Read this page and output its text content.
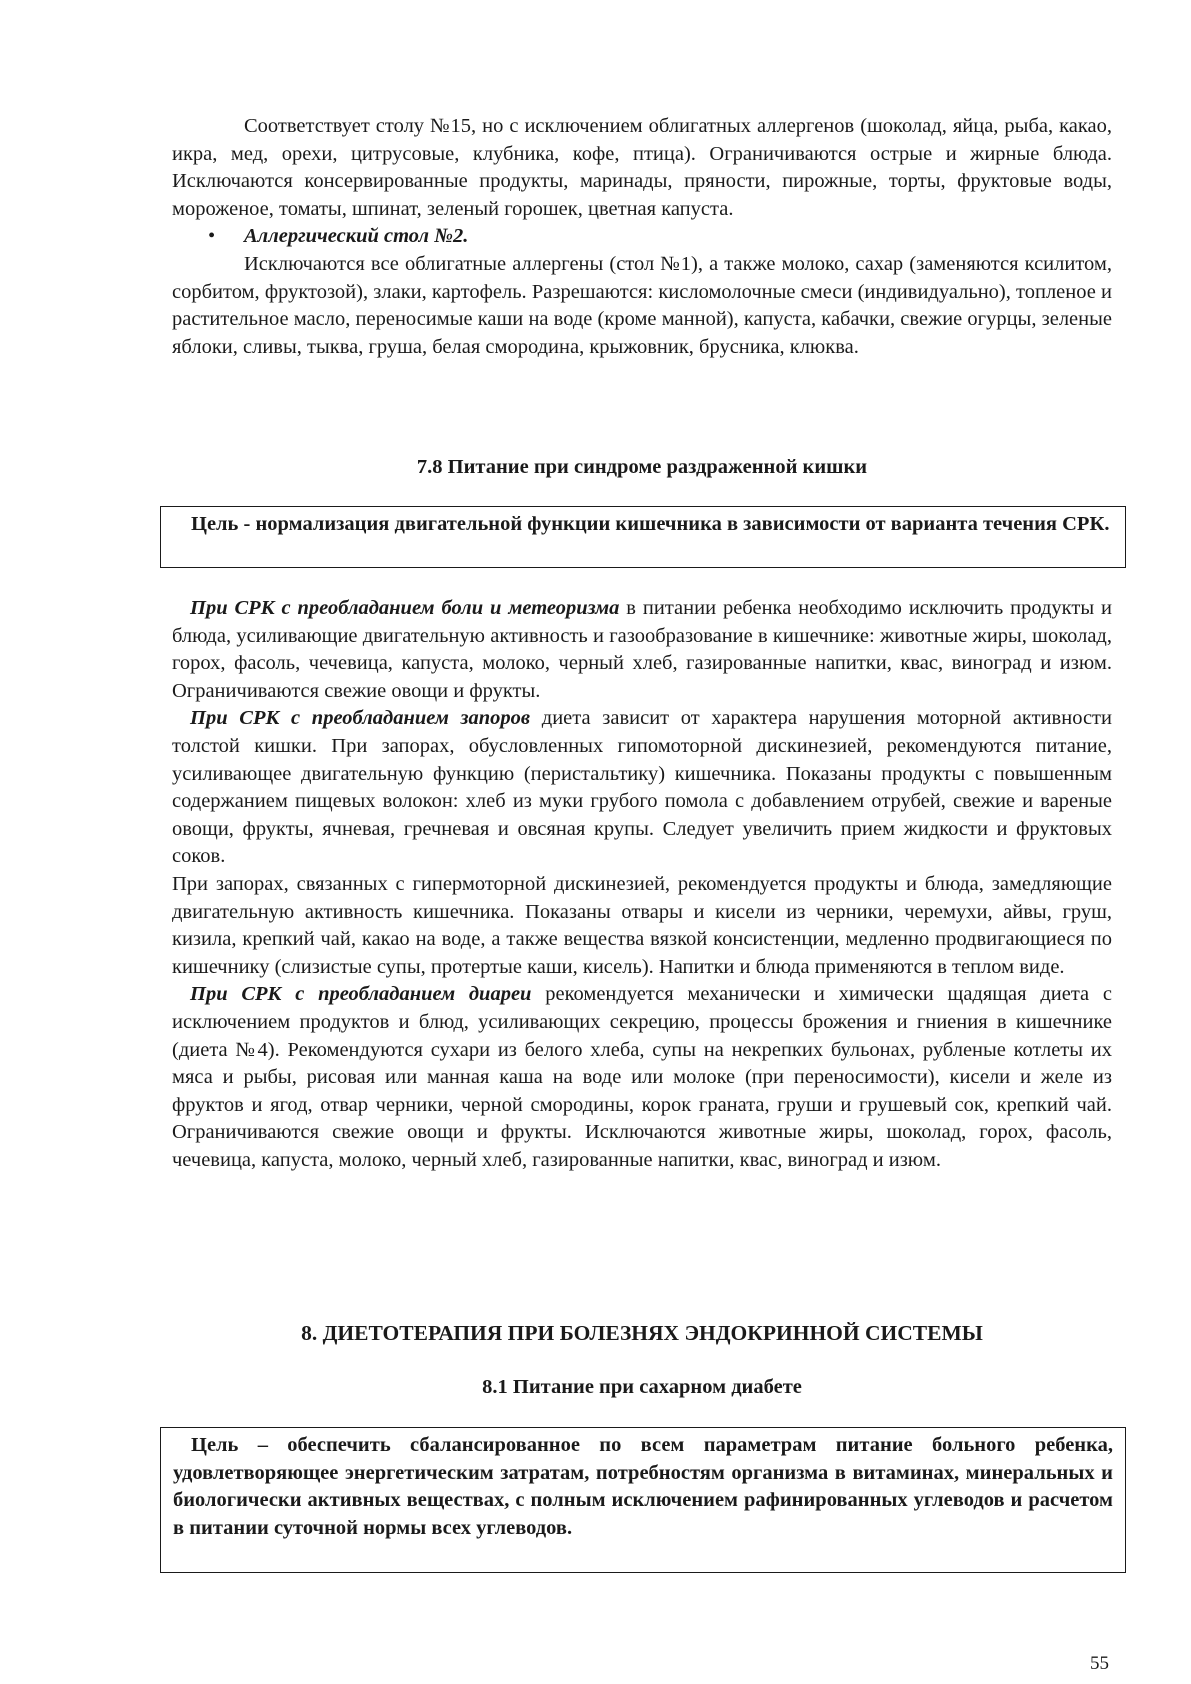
Соответствует столу №15, но с исключением облигатных аллергенов (шоколад, яйца, рыба, какао, икра, мед, орехи, цитрусовые, клубника, кофе, птица). Ограничиваются острые и жирные блюда. Исключаются консервированные продукты, маринады, пряности, пирожные, торты, фруктовые воды, мороженое, томаты, шпинат, зеленый горошек, цветная капуста.

• Аллергический стол №2.

Исключаются все облигатные аллергены (стол №1), а также молоко, сахар (заменяются ксилитом, сорбитом, фруктозой), злаки, картофель. Разрешаются: кисломолочные смеси (индивидуально), топленое и растительное масло, переносимые каши на воде (кроме манной), капуста, кабачки, свежие огурцы, зеленые яблоки, сливы, тыква, груша, белая смородина, крыжовник, брусника, клюква.

7.8 Питание при синдроме раздраженной кишки

Цель - нормализация двигательной функции кишечника в зависимости от варианта течения СРК.

При СРК с преобладанием боли и метеоризма в питании ребенка необходимо исключить продукты и блюда, усиливающие двигательную активность и газообразование в кишечнике: животные жиры, шоколад, горох, фасоль, чечевица, капуста, молоко, черный хлеб, газированные напитки, квас, виноград и изюм. Ограничиваются свежие овощи и фрукты.

При СРК с преобладанием запоров диета зависит от характера нарушения моторной активности толстой кишки. При запорах, обусловленных гипомоторной дискинезией, рекомендуются питание, усиливающее двигательную функцию (перистальтику) кишечника. Показаны продукты с повышенным содержанием пищевых волокон: хлеб из муки грубого помола с добавлением отрубей, свежие и вареные овощи, фрукты, ячневая, гречневая и овсяная крупы. Следует увеличить прием жидкости и фруктовых соков.

При запорах, связанных с гипермоторной дискинезией, рекомендуется продукты и блюда, замедляющие двигательную активность кишечника. Показаны отвары и кисели из черники, черемухи, айвы, груш, кизила, крепкий чай, какао на воде, а также вещества вязкой консистенции, медленно продвигающиеся по кишечнику (слизистые супы, протертые каши, кисель). Напитки и блюда применяются в теплом виде.

При СРК с преобладанием диареи рекомендуется механически и химически щадящая диета с исключением продуктов и блюд, усиливающих секрецию, процессы брожения и гниения в кишечнике (диета №4). Рекомендуются сухари из белого хлеба, супы на некрепких бульонах, рубленые котлеты их мяса и рыбы, рисовая или манная каша на воде или молоке (при переносимости), кисели и желе из фруктов и ягод, отвар черники, черной смородины, корок граната, груши и грушевый сок, крепкий чай. Ограничиваются свежие овощи и фрукты. Исключаются животные жиры, шоколад, горох, фасоль, чечевица, капуста, молоко, черный хлеб, газированные напитки, квас, виноград и изюм.

8. ДИЕТОТЕРАПИЯ ПРИ БОЛЕЗНЯХ ЭНДОКРИННОЙ СИСТЕМЫ

8.1 Питание при сахарном диабете

Цель – обеспечить сбалансированное по всем параметрам питание больного ребенка, удовлетворяющее энергетическим затратам, потребностям организма в витаминах, минеральных и биологически активных веществах, с полным исключением рафинированных углеводов и расчетом в питании суточной нормы всех углеводов.

55
